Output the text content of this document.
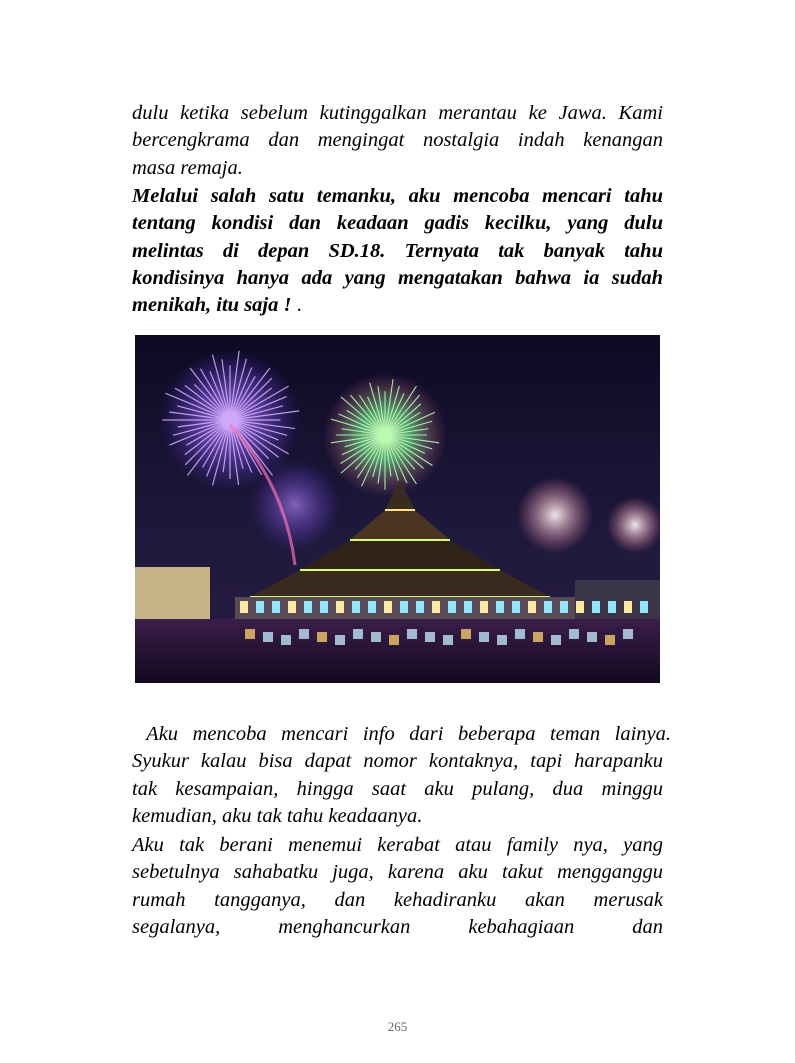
dulu ketika sebelum kutinggalkan merantau ke Jawa. Kami
bercengkrama dan mengingat nostalgia indah kenangan
masa remaja.
Melalui salah satu temanku, aku mencoba mencari tahu
tentang kondisi dan keadaan gadis kecilku, yang dulu
melintas di depan SD.18. Ternyata tak banyak tahu
kondisinya hanya ada yang mengatakan bahwa ia sudah
menikah, itu saja ! .
Aku mencoba mencari info dari beberapa teman lainya.
Syukur kalau bisa dapat nomor kontaknya, tapi harapanku
tak kesampaian, hingga saat aku pulang, dua minggu
kemudian, aku tak tahu keadaanya.
Aku tak berani menemui kerabat atau family nya, yang
sebetulnya sahabatku juga, karena aku takut mengganggu
rumah tangganya, dan kehadiranku akan merusak
segalanya, menghancurkan kebahagiaan dan
265
